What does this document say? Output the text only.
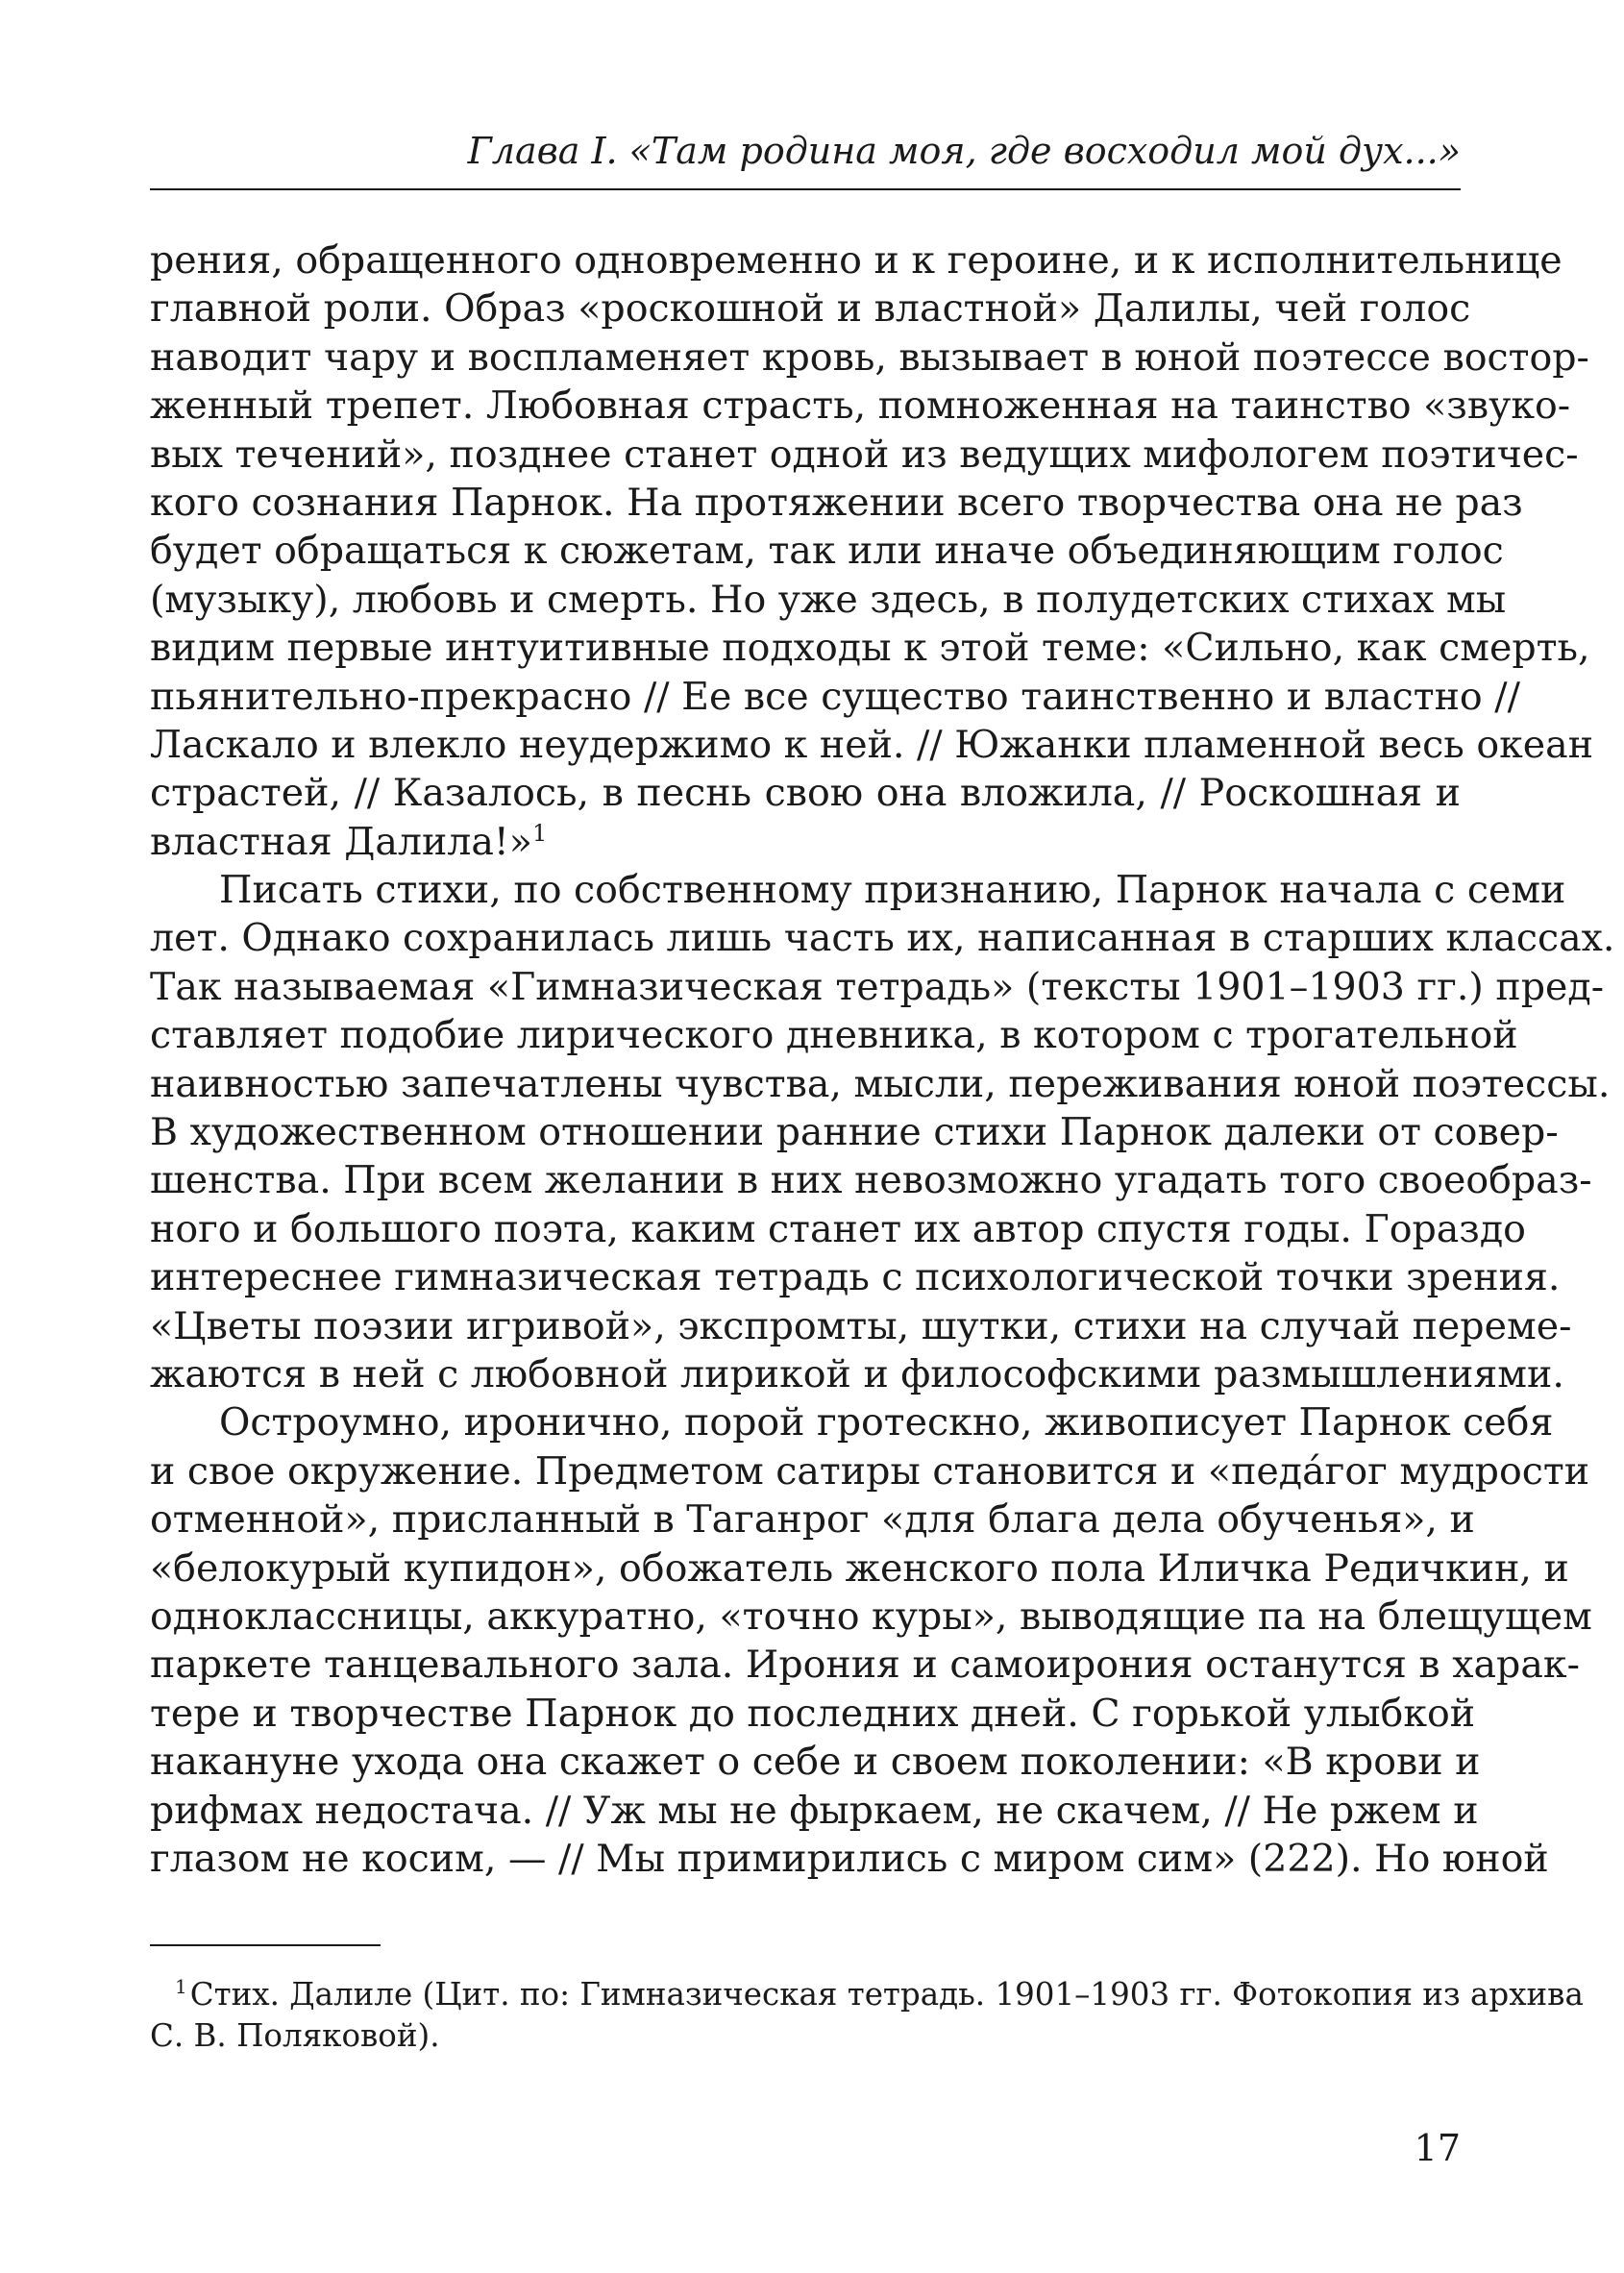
Глава I. «Там родина моя, где восходил мой дух...»
рения, обращенного одновременно и к героине, и к исполнительнице
главной роли. Образ «роскошной и властной» Далилы, чей голос
наводит чару и воспламеняет кровь, вызывает в юной поэтессе востор-
женный трепет. Любовная страсть, помноженная на таинство «звуко-
вых течений», позднее станет одной из ведущих мифологем поэтичес-
кого сознания Парнок. На протяжении всего творчества она не раз
будет обращаться к сюжетам, так или иначе объединяющим голос
(музыку), любовь и смерть. Но уже здесь, в полудетских стихах мы
видим первые интуитивные подходы к этой теме: «Сильно, как смерть,
пьянительно-прекрасно // Ее все существо таинственно и властно //
Ласкало и влекло неудержимо к ней. // Южанки пламенной весь океан
страстей, // Казалось, в песнь свою она вложила, // Роскошная и
властная Далила!»$^1$
Писать стихи, по собственному признанию, Парнок начала с семи
лет. Однако сохранилась лишь часть их, написанная в старших классах.
Так называемая «Гимназическая тетрадь» (тексты 1901–1903 гг.) пред-
ставляет подобие лирического дневника, в котором с трогательной
наивностью запечатлены чувства, мысли, переживания юной поэтессы.
В художественном отношении ранние стихи Парнок далеки от совер-
шенства. При всем желании в них невозможно угадать того своеобраз-
ного и большого поэта, каким станет их автор спустя годы. Гораздо
интереснее гимназическая тетрадь с психологической точки зрения.
«Цветы поэзии игривой», экспромты, шутки, стихи на случай переме-
жаются в ней с любовной лирикой и философскими размышлениями.
Остроумно, иронично, порой гротескно, живописует Парнок себя
и свое окружение. Предметом сатиры становится и «педáгог мудрости
отменной», присланный в Таганрог «для блага дела обученья», и
«белокурый купидон», обожатель женского пола Иличка Редичкин, и
одноклассницы, аккуратно, «точно куры», выводящие па на блещущем
паркете танцевального зала. Ирония и самоирония останутся в харак-
тере и творчестве Парнок до последних дней. С горькой улыбкой
накануне ухода она скажет о себе и своем поколении: «В крови и
рифмах недостача. // Уж мы не фыркаем, не скачем, // Не ржем и
глазом не косим, — // Мы примирились с миром сим» (222). Но юной
$^1$Стих. Далиле (Цит. по: Гимназическая тетрадь. 1901–1903 гг. Фотокопия из архива
С. В. Поляковой).
17
